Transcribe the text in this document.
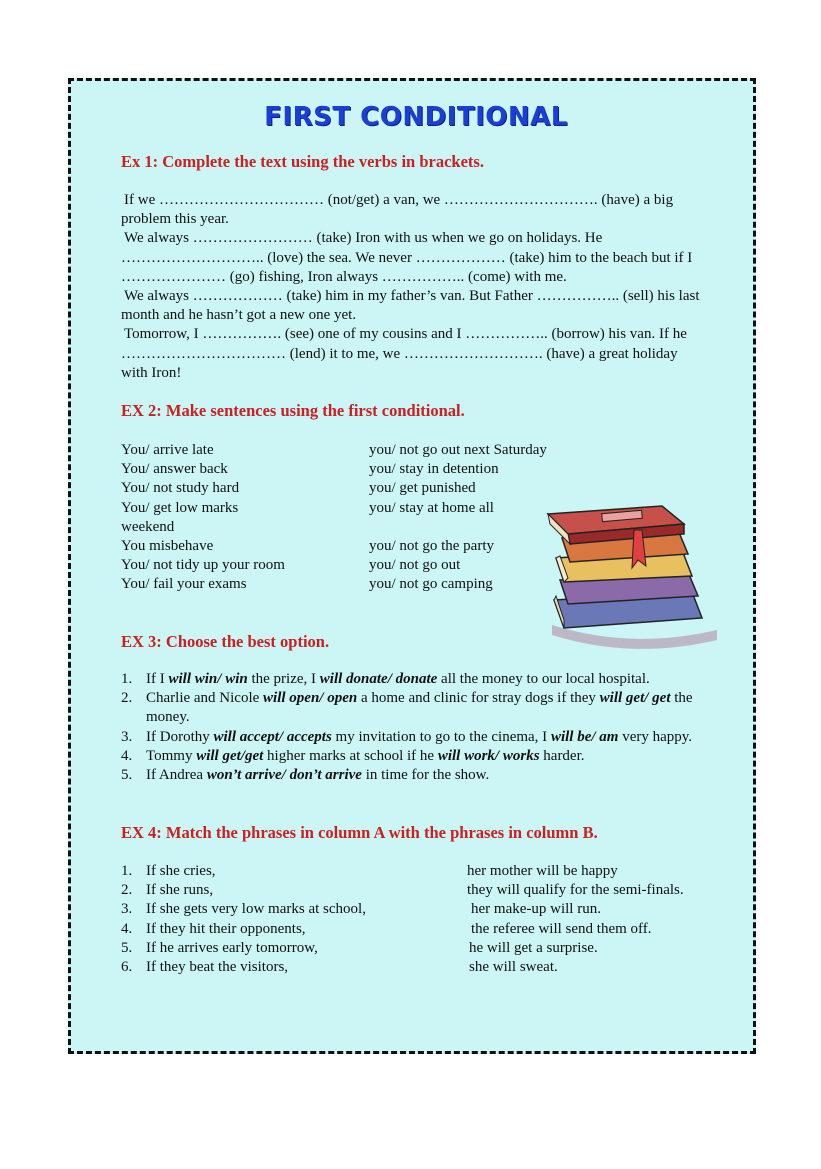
FIRST CONDITIONAL
Ex 1: Complete the text using the verbs in brackets.

If we …………………………… (not/get) a van, we …………………………. (have) a big problem this year.

We always …………………… (take) Iron with us when we go on holidays. He ……………………….. (love) the sea. We never ……………… (take) him to the beach but if I ………………… (go) fishing, Iron always …………….. (come) with me.

We always ……………… (take) him in my father’s van. But Father …………….. (sell) his last month and he hasn’t got a new one yet.

Tomorrow, I ……………. (see) one of my cousins and I …………….. (borrow) his van. If he …………………………… (lend) it to me, we ………………………. (have) a great holiday with Iron!

EX 2: Make sentences using the first conditional.
You/ arrive late	you/ not go out next Saturday
You/ answer back	you/ stay in detention
You/ not study hard	you/ get punished
You/ get low marks	you/ stay at home all
weekend
You misbehave	you/ not go the party
You/ not tidy up your room	you/ not go out
You/ fail your exams	you/ not go camping
EX 3: Choose the best option.
1. If I will win/ win the prize, I will donate/ donate all the money to our local hospital.
2. Charlie and Nicole will open/ open a home and clinic for stray dogs if they will get/ get the money.
3. If Dorothy will accept/ accepts my invitation to go to the cinema, I will be/ am very happy.
4. Tommy will get/get higher marks at school if he will work/ works harder.
5. If Andrea won’t arrive/ don’t arrive in time for the show.
EX 4: Match the phrases in column A with the phrases in column B.
1. If she cries,	her mother will be happy
2. If she runs,	they will qualify for the semi-finals.
3. If she gets very low marks at school,	her make-up will run.
4. If they hit their opponents,	the referee will send them off.
5. If he arrives early tomorrow,	he will get a surprise.
6. If they beat the visitors,	she will sweat.
